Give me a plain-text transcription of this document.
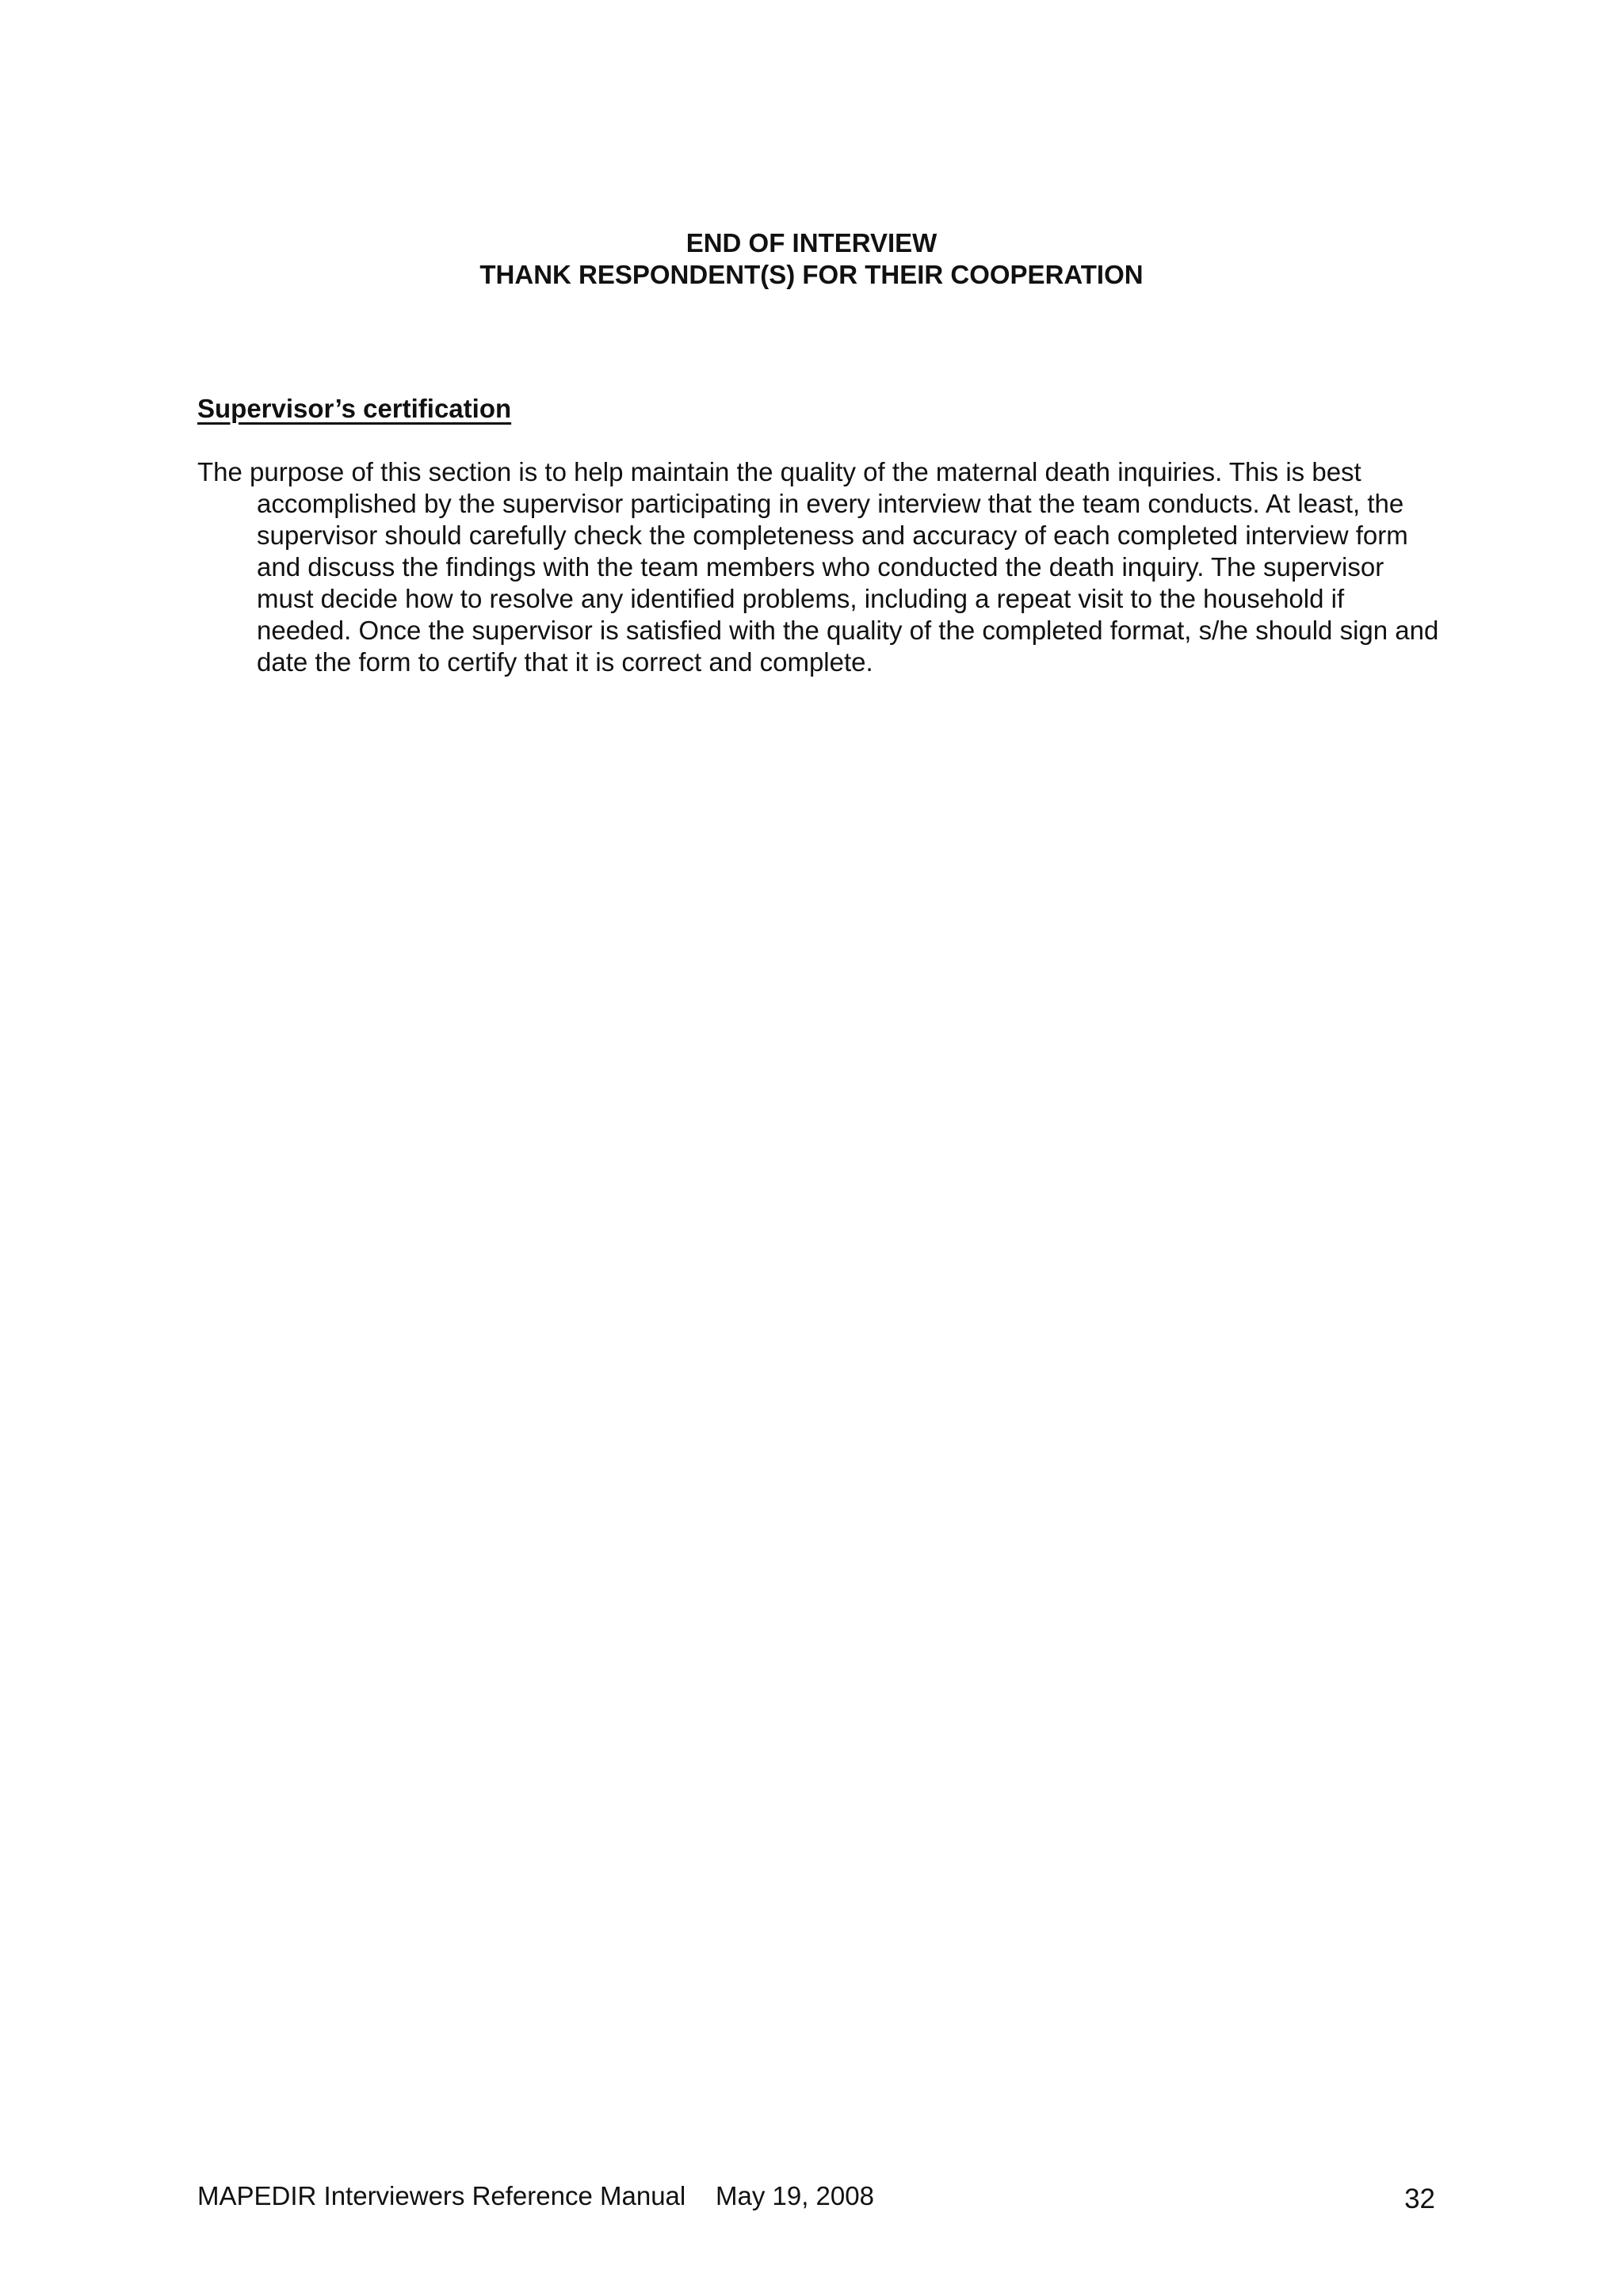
END OF INTERVIEW
THANK RESPONDENT(S) FOR THEIR COOPERATION
Supervisor’s certification

The purpose of this section is to help maintain the quality of the maternal death inquiries. This is best accomplished by the supervisor participating in every interview that the team conducts. At least, the supervisor should carefully check the completeness and accuracy of each completed interview form and discuss the findings with the team members who conducted the death inquiry. The supervisor must decide how to resolve any identified problems, including a repeat visit to the household if needed. Once the supervisor is satisfied with the quality of the completed format, s/he should sign and date the form to certify that it is correct and complete.

MAPEDIR Interviewers Reference Manual May 19, 2008	32
